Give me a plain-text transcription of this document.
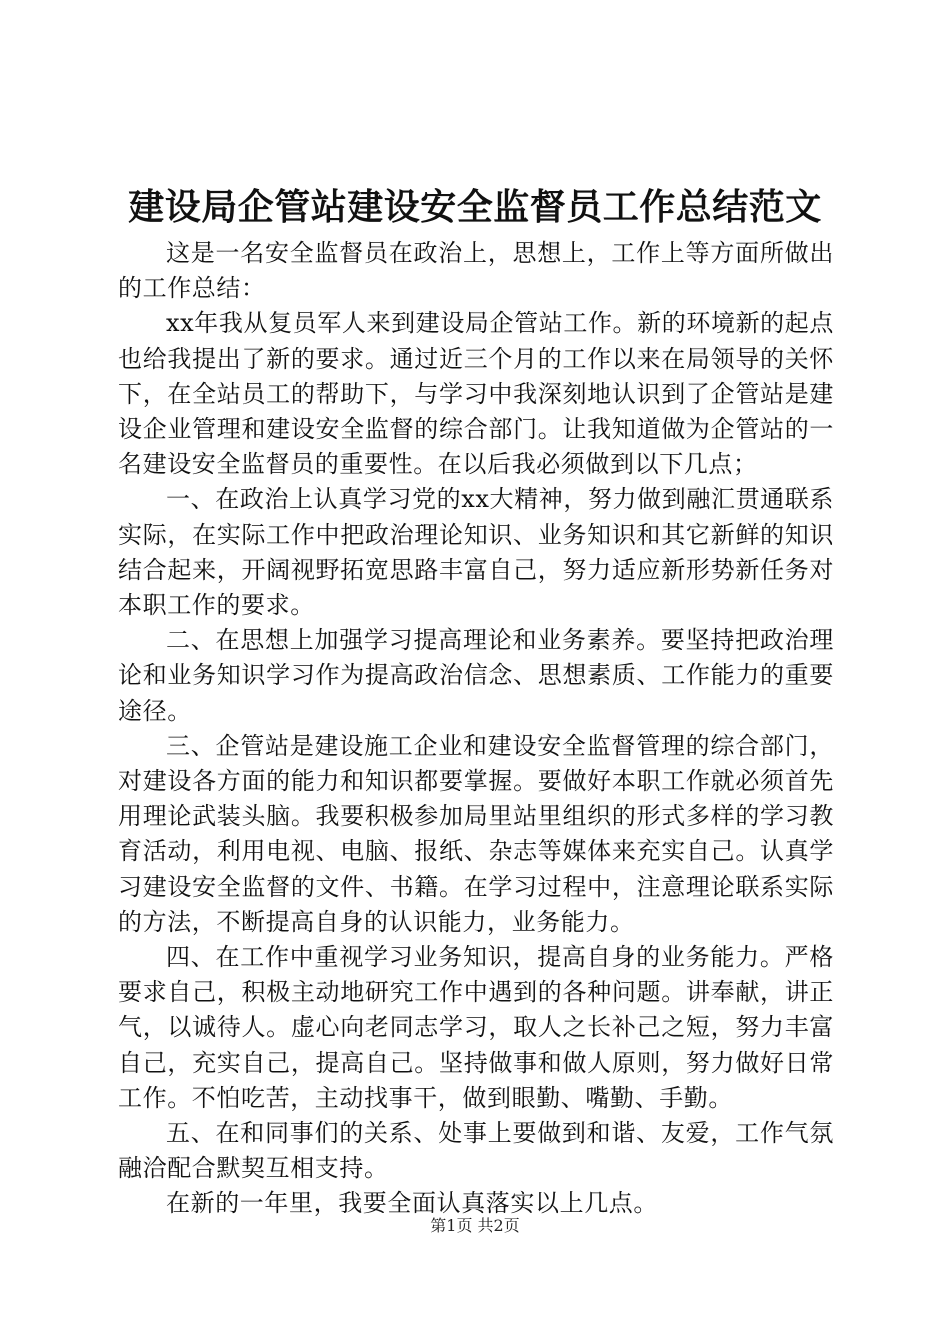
建设局企管站建设安全监督员工作总结范文

这是一名安全监督员在政治上，思想上，工作上等方面所做出的工作总结：

xx年我从复员军人来到建设局企管站工作。新的环境新的起点也给我提出了新的要求。通过近三个月的工作以来在局领导的关怀下，在全站员工的帮助下，与学习中我深刻地认识到了企管站是建设企业管理和建设安全监督的综合部门。让我知道做为企管站的一名建设安全监督员的重要性。在以后我必须做到以下几点；

一、在政治上认真学习党的xx大精神，努力做到融汇贯通联系实际，在实际工作中把政治理论知识、业务知识和其它新鲜的知识结合起来，开阔视野拓宽思路丰富自己，努力适应新形势新任务对本职工作的要求。

二、在思想上加强学习提高理论和业务素养。要坚持把政治理论和业务知识学习作为提高政治信念、思想素质、工作能力的重要途径。

三、企管站是建设施工企业和建设安全监督管理的综合部门，对建设各方面的能力和知识都要掌握。要做好本职工作就必须首先用理论武装头脑。我要积极参加局里站里组织的形式多样的学习教育活动，利用电视、电脑、报纸、杂志等媒体来充实自己。认真学习建设安全监督的文件、书籍。在学习过程中，注意理论联系实际的方法，不断提高自身的认识能力，业务能力。

四、在工作中重视学习业务知识，提高自身的业务能力。严格要求自己，积极主动地研究工作中遇到的各种问题。讲奉献，讲正气，以诚待人。虚心向老同志学习，取人之长补己之短，努力丰富自己，充实自己，提高自己。坚持做事和做人原则，努力做好日常工作。不怕吃苦，主动找事干，做到眼勤、嘴勤、手勤。

五、在和同事们的关系、处事上要做到和谐、友爱，工作气氛融洽配合默契互相支持。

在新的一年里，我要全面认真落实以上几点。

第1页 共2页
